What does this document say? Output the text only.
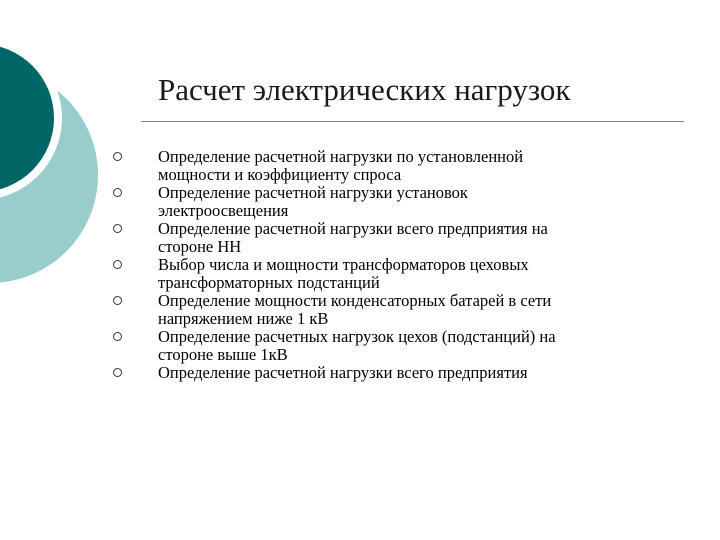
Расчет электрических нагрузок
Определение расчетной нагрузки по установленной
мощности и коэффициенту спроса
Определение расчетной нагрузки установок
электроосвещения
Определение расчетной нагрузки всего предприятия на
стороне НН
Выбор числа и мощности трансформаторов цеховых
трансформаторных подстанций
Определение мощности конденсаторных батарей в сети
напряжением ниже 1 кВ
Определение расчетных нагрузок цехов (подстанций) на
стороне выше 1кВ
Определение расчетной нагрузки всего предприятия
